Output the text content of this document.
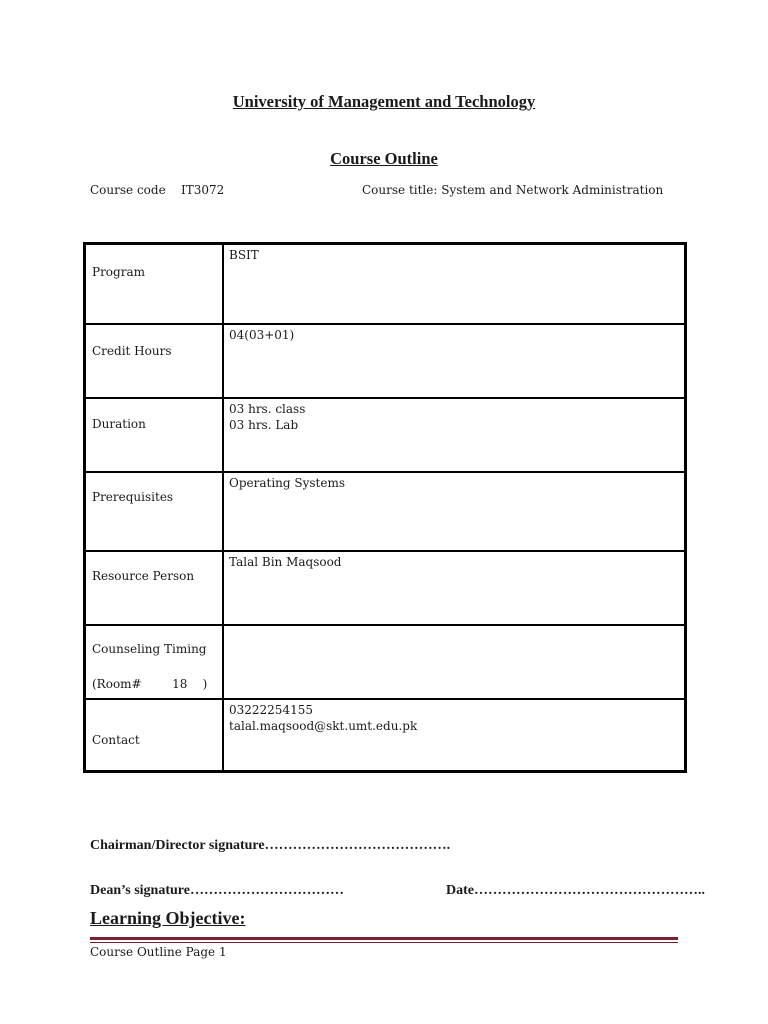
University of Management and Technology
Course Outline
Course code IT3072	Course title: System and Network Administration
Program	BSIT

Credit Hours	04(03+01)

Duration	03 hrs. class
03 hrs. Lab

Prerequisites	Operating Systems

Resource Person	Talal Bin Maqsood

Counseling Timing
(Room#        18    )	

Contact	03222254155
talal.maqsood@skt.umt.edu.pk
Chairman/Director signature………………………………….
Dean’s signature……………………………	Date…………………………………………..
Learning Objective:
Course Outline Page 1
